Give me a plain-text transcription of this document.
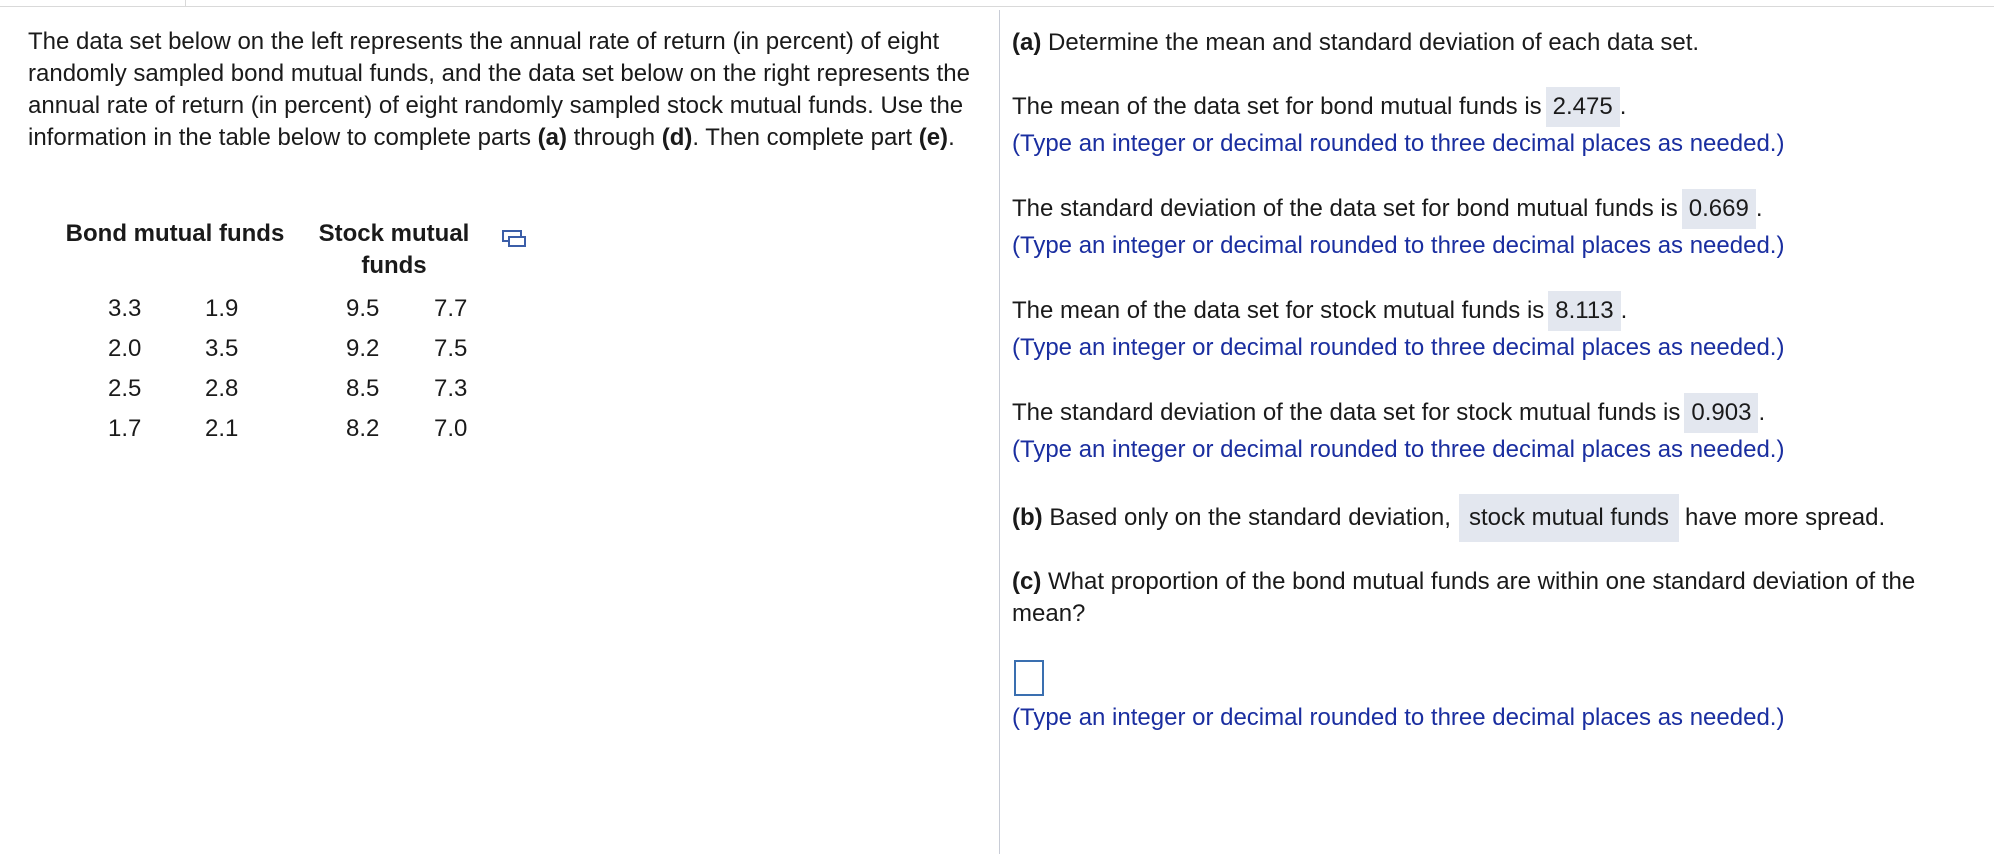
The data set below on the left represents the annual rate of return (in percent) of eight randomly sampled bond mutual funds, and the data set below on the right represents the annual rate of return (in percent) of eight randomly sampled stock mutual funds. Use the information in the table below to complete parts (a) through (d). Then complete part (e).

Bond mutual funds	Stock mutual funds
3.3
2.0
2.5
1.7
1.9
3.5
2.8
2.1
9.5
9.2
8.5
8.2
7.7
7.5
7.3
7.0
(a) Determine the mean and standard deviation of each data set.
The mean of the data set for bond mutual funds is 2.475 .
(Type an integer or decimal rounded to three decimal places as needed.)
The standard deviation of the data set for bond mutual funds is 0.669 .
(Type an integer or decimal rounded to three decimal places as needed.)
The mean of the data set for stock mutual funds is 8.113 .
(Type an integer or decimal rounded to three decimal places as needed.)
The standard deviation of the data set for stock mutual funds is 0.903 .
(Type an integer or decimal rounded to three decimal places as needed.)
(b) Based only on the standard deviation, stock mutual funds have more spread.
(c) What proportion of the bond mutual funds are within one standard deviation of the mean?
(Type an integer or decimal rounded to three decimal places as needed.)
